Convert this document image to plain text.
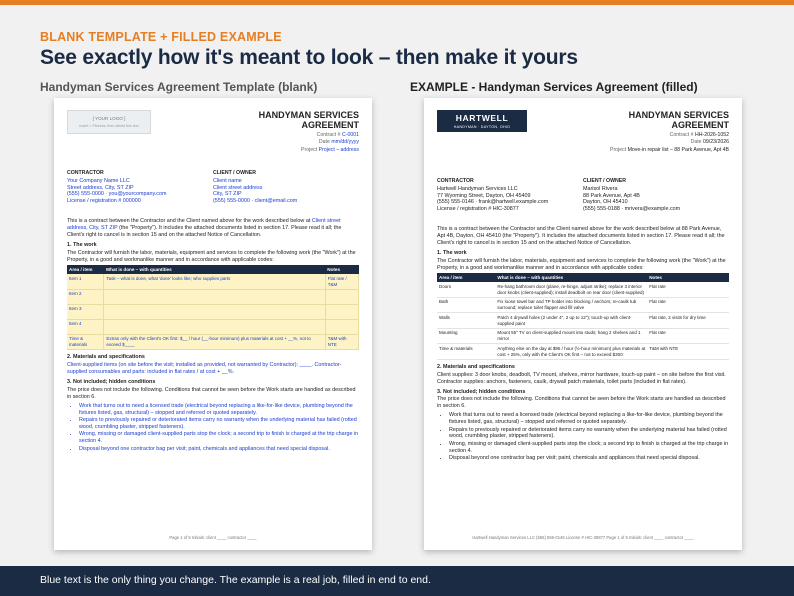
BLANK TEMPLATE + FILLED EXAMPLE
See exactly how it's meant to look – then make it yours
Handyman Services Agreement Template (blank)	EXAMPLE - Handyman Services Agreement (filled)
[ YOUR LOGO ]
Insert > Pictures, then delete this text
HANDYMAN SERVICES AGREEMENT
Contract # C-0001
Date mm/dd/yyyy
Project Project – address
CONTRACTOR
Your Company Name LLC
Street address, City, ST ZIP
(555) 555-0000 · you@yourcompany.com
License / registration # 000000
CLIENT / OWNER
Client name
Client street address
City, ST ZIP
(555) 555-0000 · client@email.com

This is a contract between the Contractor and the Client named above for the work described below at Client street address, City, ST ZIP (the "Property"). It includes the attached documents listed in section 17. Please read it all; the Client's right to cancel is in section 15 and on the attached Notice of Cancellation.

1. The work

The Contractor will furnish the labor, materials, equipment and services to complete the following work (the "Work") at the Property, in a good and workmanlike manner and in accordance with applicable codes:

Area / item	What is done – with quantities	Notes
Item 1	Task – what is done, what 'done' looks like; who supplies parts	Flat rate / T&M
Item 2		
Item 3		
Item 4		
Time & materials	Extras only with the Client's OK first: $__ / hour (__-hour minimum) plus materials at cost + __%, not to exceed $____	T&M with NTE
2. Materials and specifications

Client-supplied items (on site before the visit; installed as provided, not warranted by Contractor): ____. Contractor-supplied consumables and parts: included in flat rates / at cost + __%.

3. Not included; hidden conditions

The price does not include the following. Conditions that cannot be seen before the Work starts are handled as described in section 6.

• Work that turns out to need a licensed trade (electrical beyond replacing a like-for-like device, plumbing beyond the fixtures listed, gas, structural) – stopped and referred or quoted separately.
• Repairs to previously repaired or deteriorated items carry no warranty when the underlying material has failed (rotted wood, crumbling plaster, stripped fasteners).
• Wrong, missing or damaged client-supplied parts stop the clock; a second trip to finish is charged at the trip charge in section 4.
• Disposal beyond one contractor bag per visit; paint, chemicals and appliances that need special disposal.
Page 1 of 5 Initials: client ____ contractor ____
HARTWELL
HANDYMAN · DAYTON, OHIO
HANDYMAN SERVICES AGREEMENT
Contract # HH-2026-1052
Date 09/23/2026
Project Move-in repair list – 88 Park Avenue, Apt 4B
CONTRACTOR
Hartwell Handyman Services LLC
77 Wyoming Street, Dayton, OH 45409
(555) 555-0146 · frank@hartwell.example.com
License / registration # HIC-30877
CLIENT / OWNER
Marisol Rivera
88 Park Avenue, Apt 4B
Dayton, OH 45410
(555) 555-0188 · mrivera@example.com

This is a contract between the Contractor and the Client named above for the work described below at 88 Park Avenue, Apt 4B, Dayton, OH 45410 (the "Property"). It includes the attached documents listed in section 17. Please read it all; the Client's right to cancel is in section 15 and on the attached Notice of Cancellation.

1. The work

The Contractor will furnish the labor, materials, equipment and services to complete the following work (the "Work") at the Property, in a good and workmanlike manner and in accordance with applicable codes:

Area / item	What is done – with quantities	Notes
Doors	Re-hang bathroom door (plane, re-hinge, adjust strike); replace 3 interior door knobs (client-supplied); install deadbolt on rear door (client-supplied)	Flat rate
Bath	Fix loose towel bar and TP holder into blocking / anchors; re-caulk tub surround; replace toilet flapper and fill valve	Flat rate
Walls	Patch 4 drywall holes (2 under 4", 2 up to 12"); touch-up with client-supplied paint	Flat rate, 2 visits for dry time
Mounting	Mount 55" TV on client-supplied mount into studs; hang 2 shelves and 1 mirror	Flat rate
Time & materials	Anything else on the day at $95 / hour (½-hour minimum) plus materials at cost + 25%, only with the Client's OK first – not to exceed $300	T&M with NTE
2. Materials and specifications

Client supplies: 3 door knobs, deadbolt, TV mount, shelves, mirror hardware, touch-up paint – on site before the first visit. Contractor supplies: anchors, fasteners, caulk, drywall patch materials, toilet parts (included in flat rates).

3. Not included; hidden conditions

The price does not include the following. Conditions that cannot be seen before the Work starts are handled as described in section 6.

• Work that turns out to need a licensed trade (electrical beyond replacing a like-for-like device, plumbing beyond the fixtures listed, gas, structural) – stopped and referred or quoted separately.
• Repairs to previously repaired or deteriorated items carry no warranty when the underlying material has failed (rotted wood, crumbling plaster, stripped fasteners).
• Wrong, missing or damaged client-supplied parts stop the clock; a second trip to finish is charged at the trip charge in section 4.
• Disposal beyond one contractor bag per visit; paint, chemicals and appliances that need special disposal.
Hartwell Handyman Services LLC (555) 555-0146 License # HIC-30877 Page 1 of 5 Initials: client ____ contractor ____
Blue text is the only thing you change. The example is a real job, filled in end to end.
